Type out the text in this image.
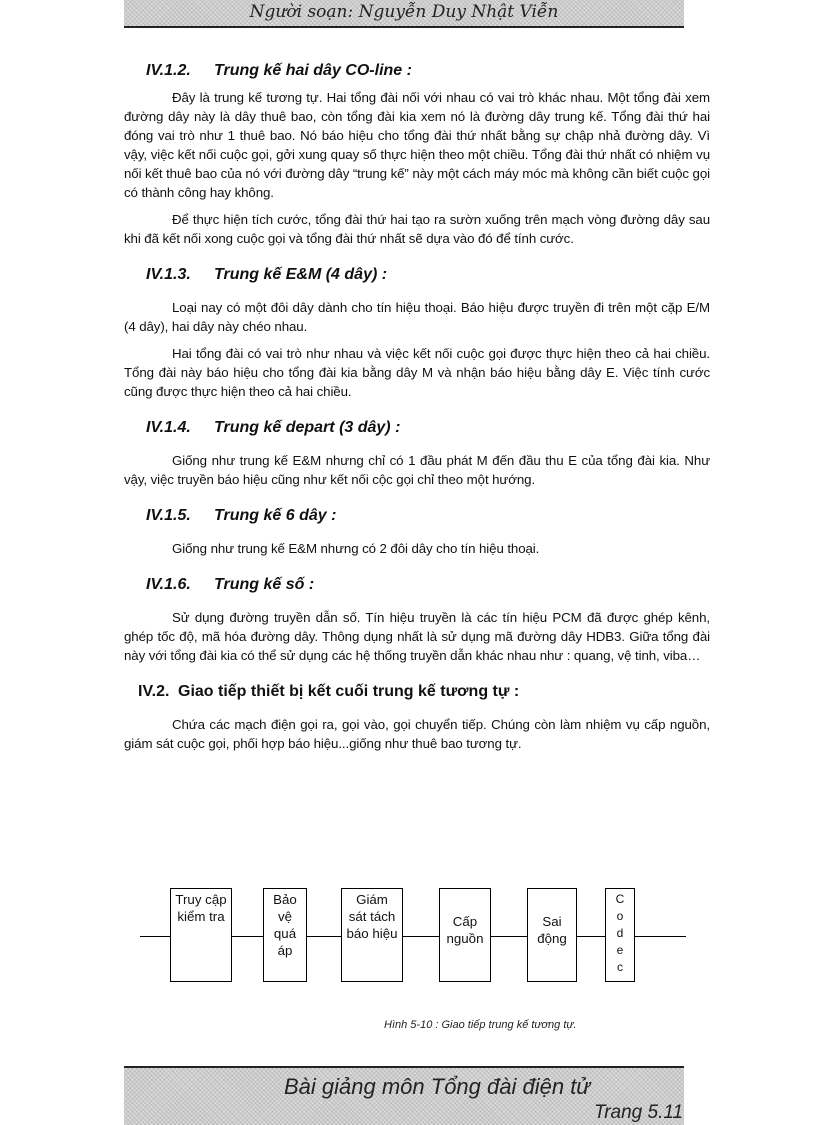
Người soạn: Nguyễn Duy Nhật Viễn
IV.1.2.	Trung kế hai dây CO-line :

Đây là trung kế tương tự. Hai tổng đài nối với nhau có vai trò khác nhau. Một tổng đài xem đường dây này là dây thuê bao, còn tổng đài kia xem nó là đường dây trung kế. Tổng đài thứ hai đóng vai trò như 1 thuê bao. Nó báo hiệu cho tổng đài thứ nhất bằng sự chập nhả đường dây. Vì vậy, việc kết nối cuộc gọi, gởi xung quay số thực hiện theo một chiều. Tổng đài thứ nhất có nhiệm vụ nối kết thuê bao của nó với đường dây “trung kế” này một cách máy móc mà không cần biết cuộc gọi có thành công hay không.

Để thực hiện tích cước, tổng đài thứ hai tạo ra sườn xuống trên mạch vòng đường dây sau khi đã kết nối xong cuộc gọi và tổng đài thứ nhất sẽ dựa vào đó để tính cước.

IV.1.3.	Trung kế E&M (4 dây) :

Loại nay có một đôi dây dành cho tín hiệu thoại. Báo hiệu được truyền đi trên một cặp E/M (4 dây), hai dây này chéo nhau.

Hai tổng đài có vai trò như nhau và việc kết nối cuộc gọi được thực hiện theo cả hai chiều. Tổng đài này báo hiệu cho tổng đài kia bằng dây M và nhận báo hiệu bằng dây E. Việc tính cước cũng được thực hiện theo cả hai chiều.

IV.1.4.	Trung kế depart (3 dây) :

Giống như trung kế E&M nhưng chỉ có 1 đầu phát M đến đầu thu E của tổng đài kia. Như vậy, việc truyền báo hiệu cũng như kết nối cộc gọi chỉ theo một hướng.

IV.1.5.	Trung kế 6 dây :

Giống như trung kế E&M nhưng có 2 đôi dây cho tín hiệu thoại.

IV.1.6.	Trung kế số :

Sử dụng đường truyền dẫn số. Tín hiệu truyền là các tín hiệu PCM đã được ghép kênh, ghép tốc độ, mã hóa đường dây. Thông dụng nhất là sử dụng mã đường dây HDB3. Giữa tổng đài này với tổng đài kia có thể sử dụng các hệ thống truyền dẫn khác nhau như : quang, vệ tinh, viba…

IV.2. Giao tiếp thiết bị kết cuối trung kế tương tự :

Chứa các mạch điện gọi ra, gọi vào, gọi chuyển tiếp. Chúng còn làm nhiệm vụ cấp nguồn, giám sát cuộc gọi, phối hợp báo hiệu...giống như thuê bao tương tự.

Truy cập
kiểm tra
Bảo
vệ
quá
áp
Giám
sát tách
báo hiệu
Cấp
nguồn
Sai
động
C
o
d
e
c
Hình 5-10 : Giao tiếp trung kế tương tự.
Bài giảng môn Tổng đài điện tử
Trang 5.11
